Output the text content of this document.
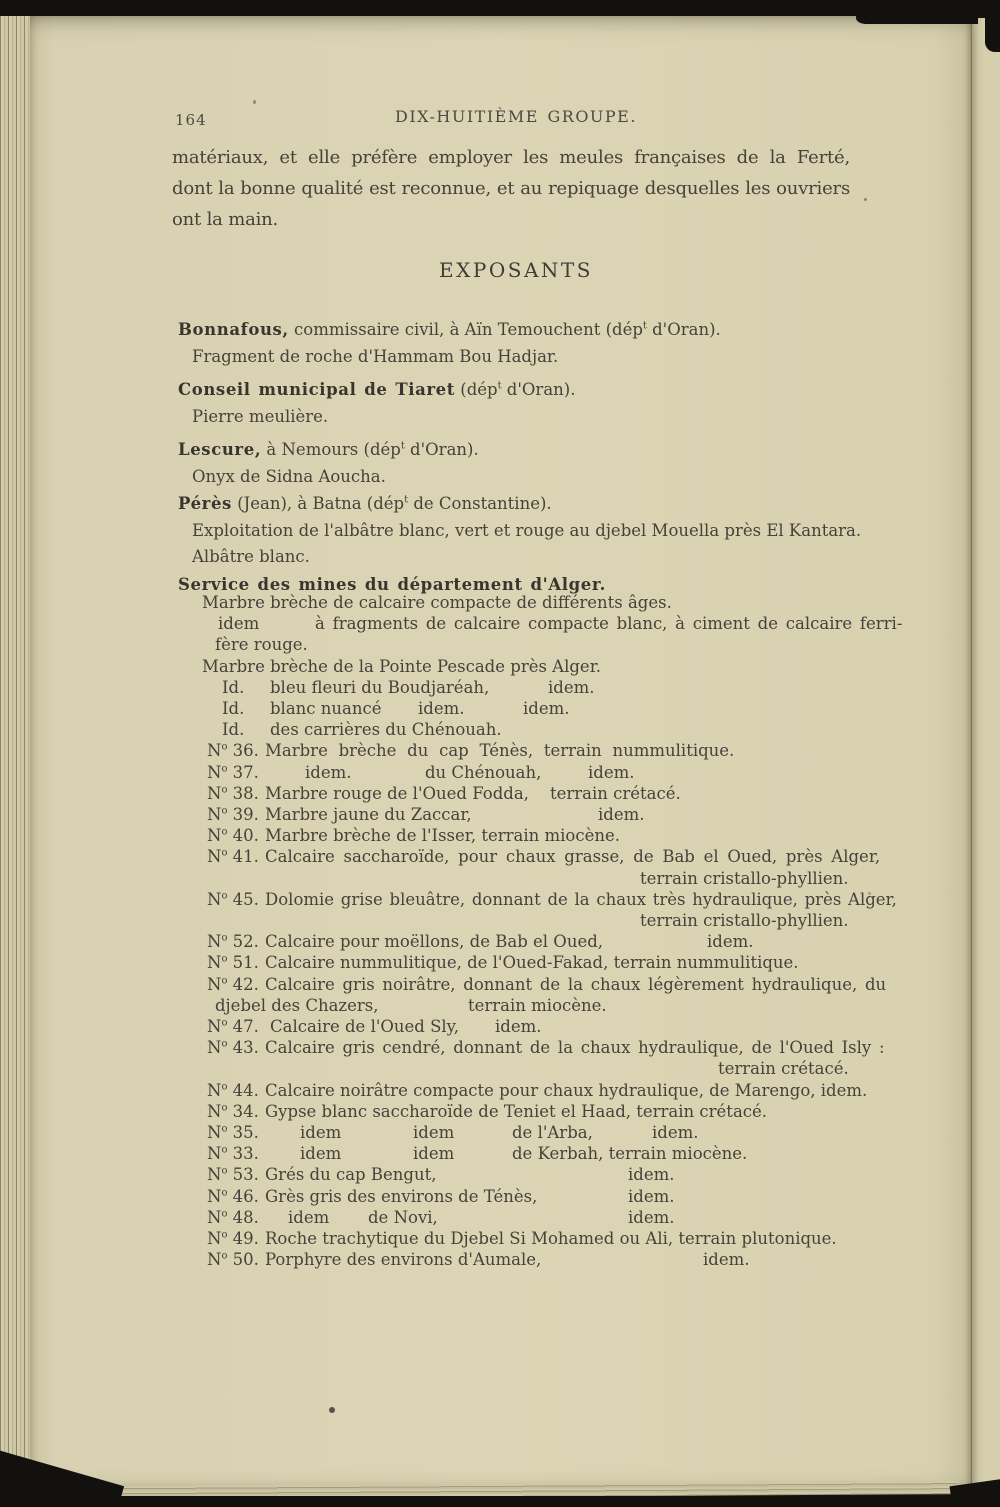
164	DIX-HUITIÈME GROUPE.
matériaux, et elle préfère employer les meules françaises de la Ferté,
dont la bonne qualité est reconnue, et au repiquage desquelles les ouvriers
ont la main.
EXPOSANTS
Bonnafous, commissaire civil, à Aïn Temouchent (dép$^t$ d'Oran).
Fragment de roche d'Hammam Bou Hadjar.
Conseil municipal de Tiaret (dép$^t$ d'Oran).
Pierre meulière.
Lescure, à Nemours (dép$^t$ d'Oran).
Onyx de Sidna Aoucha.
Pérès (Jean), à Batna (dép$^t$ de Constantine).
Exploitation de l'albâtre blanc, vert et rouge au djebel Mouella près El Kantara.
Albâtre blanc.
Service des mines du département d'Alger.
Marbre brèche de calcaire compacte de différents âges.
idem	à fragments de calcaire compacte blanc, à ciment de calcaire ferri-
fère rouge.
Marbre brèche de la Pointe Pescade près Alger.
Id. bleu fleuri du Boudjaréah,	idem.
Id. blanc nuancé idem.	idem.
Id. des carrières du Chénouah.
$N^o$ 36. Marbre brèche du cap Ténès, terrain nummulitique.
$N^o$ 37.	idem.	du Chénouah,	idem.
$N^o$ 38. Marbre rouge de l'Oued Fodda, terrain crétacé.
$N^o$ 39. Marbre jaune du Zaccar,	idem.
$N^o$ 40. Marbre brèche de l'Isser, terrain miocène.
$N^o$ 41. Calcaire saccharoïde, pour chaux grasse, de Bab el Oued, près Alger,
terrain cristallo-phyllien.
$N^o$ 45. Dolomie grise bleuâtre, donnant de la chaux très hydraulique, près Alger,
terrain cristallo-phyllien.
$N^o$ 52. Calcaire pour moëllons, de Bab el Oued,	idem.
$N^o$ 51. Calcaire nummulitique, de l'Oued-Fakad, terrain nummulitique.
$N^o$ 42. Calcaire gris noirâtre, donnant de la chaux légèrement hydraulique, du
djebel des Chazers,	terrain miocène.
$N^o$ 47. Calcaire de l'Oued Sly, idem.
$N^o$ 43. Calcaire gris cendré, donnant de la chaux hydraulique, de l'Oued Isly :
terrain crétacé.
$N^o$ 44. Calcaire noirâtre compacte pour chaux hydraulique, de Marengo, idem.
$N^o$ 34. Gypse blanc saccharoïde de Teniet el Haad, terrain crétacé.
$N^o$ 35. idem	idem	de l'Arba,	idem.
$N^o$ 33. idem	idem	de Kerbah, terrain miocène.
$N^o$ 53. Grés du cap Bengut,	idem.
$N^o$ 46. Grès gris des environs de Ténès,	idem.
$N^o$ 48. idem de Novi,	idem.
$N^o$ 49. Roche trachytique du Djebel Si Mohamed ou Ali, terrain plutonique.
$N^o$ 50. Porphyre des environs d'Aumale,	idem.
